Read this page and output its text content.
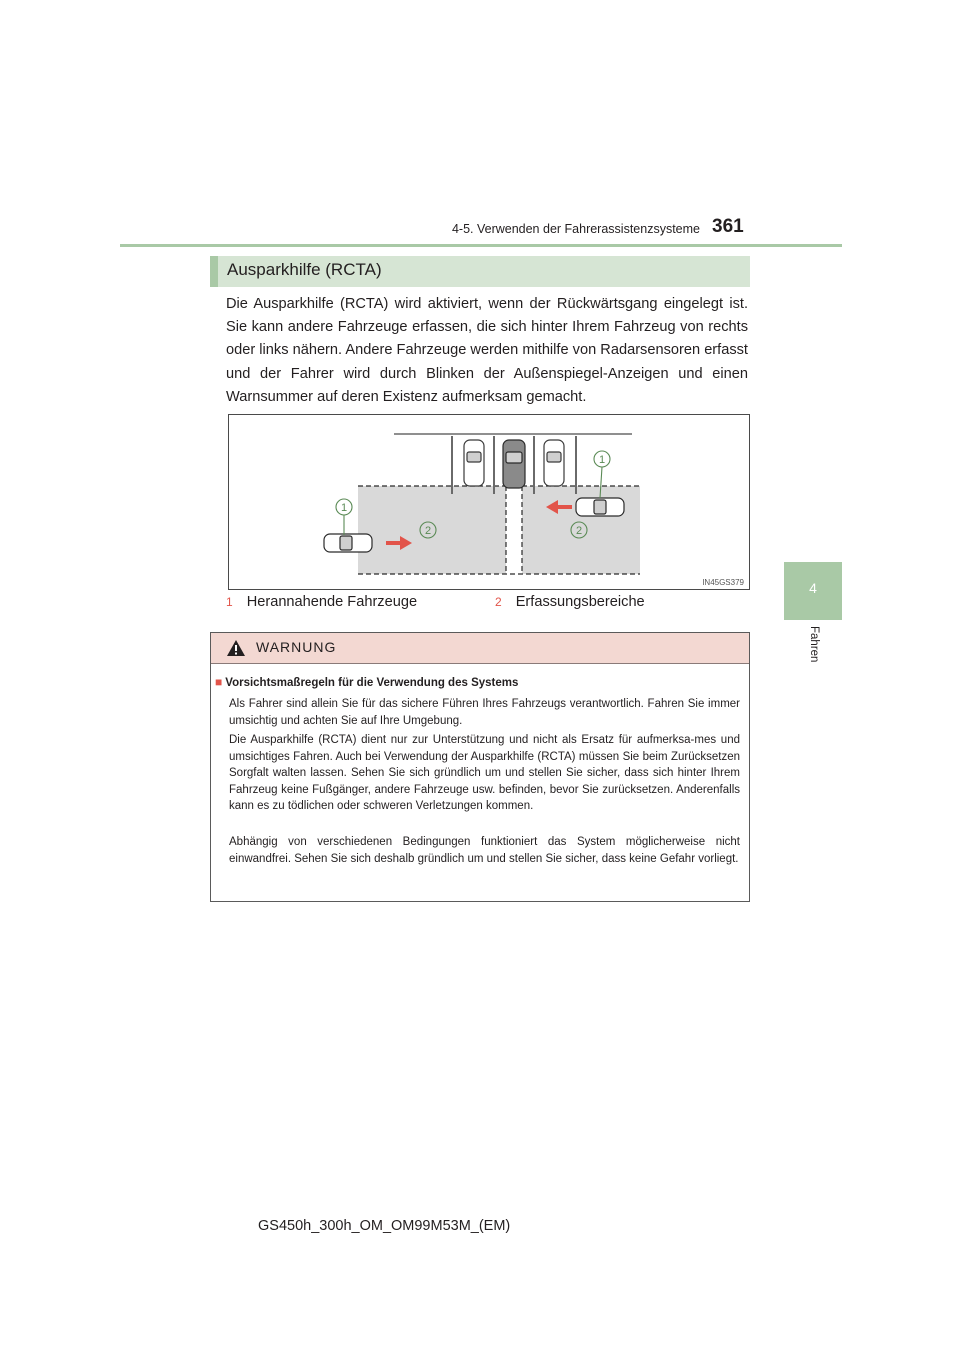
4-5. Verwenden der Fahrerassistenzsysteme 361
4
Fahren
Ausparkhilfe (RCTA)
Die Ausparkhilfe (RCTA) wird aktiviert, wenn der Rückwärtsgang eingelegt ist. Sie kann andere Fahrzeuge erfassen, die sich hinter Ihrem Fahrzeug von rechts oder links nähern. Andere Fahrzeuge werden mithilfe von Radarsensoren erfasst und der Fahrer wird durch Blinken der Außenspiegel-Anzeigen und einen Warnsummer auf deren Existenz aufmerksam gemacht.
1
1
2	2
IN45GS379
1 Herannahende Fahrzeuge	2 Erfassungsbereiche
WARNUNG
■ Vorsichtsmaßregeln für die Verwendung des Systems
Als Fahrer sind allein Sie für das sichere Führen Ihres Fahrzeugs verantwortlich. Fahren Sie immer umsichtig und achten Sie auf Ihre Umgebung.
Die Ausparkhilfe (RCTA) dient nur zur Unterstützung und nicht als Ersatz für aufmerksa-mes und umsichtiges Fahren. Auch bei Verwendung der Ausparkhilfe (RCTA) müssen Sie beim Zurücksetzen Sorgfalt walten lassen. Sehen Sie sich gründlich um und stellen Sie sicher, dass sich hinter Ihrem Fahrzeug keine Fußgänger, andere Fahrzeuge usw. befinden, bevor Sie zurücksetzen. Anderenfalls kann es zu tödlichen oder schweren Verletzungen kommen.
Abhängig von verschiedenen Bedingungen funktioniert das System möglicherweise nicht einwandfrei. Sehen Sie sich deshalb gründlich um und stellen Sie sicher, dass keine Gefahr vorliegt.
GS450h_300h_OM_OM99M53M_(EM)
